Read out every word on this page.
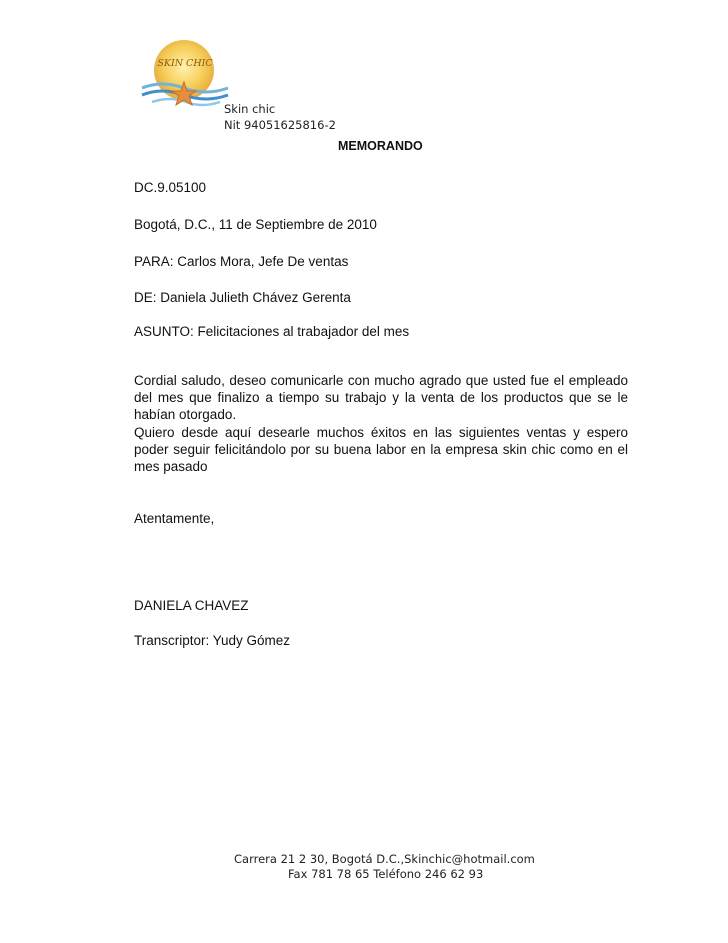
SKIN CHIC
Skin chic
Nit 94051625816-2
MEMORANDO
DC.9.05100
Bogotá, D.C., 11 de Septiembre de 2010
PARA: Carlos Mora, Jefe De ventas
DE: Daniela Julieth Chávez Gerenta
ASUNTO: Felicitaciones al trabajador del mes

Cordial saludo, deseo comunicarle con mucho agrado que usted fue el empleado del mes que finalizo a tiempo su trabajo y la venta de los productos que se le habían otorgado.

Quiero desde aquí desearle muchos éxitos en las siguientes ventas y espero poder seguir felicitándolo por su buena labor en la empresa skin chic como en el mes pasado

Atentamente,
DANIELA CHAVEZ
Transcriptor: Yudy Gómez
Carrera 21 2 30, Bogotá D.C.,Skinchic@hotmail.com
Fax 781 78 65 Teléfono 246 62 93
